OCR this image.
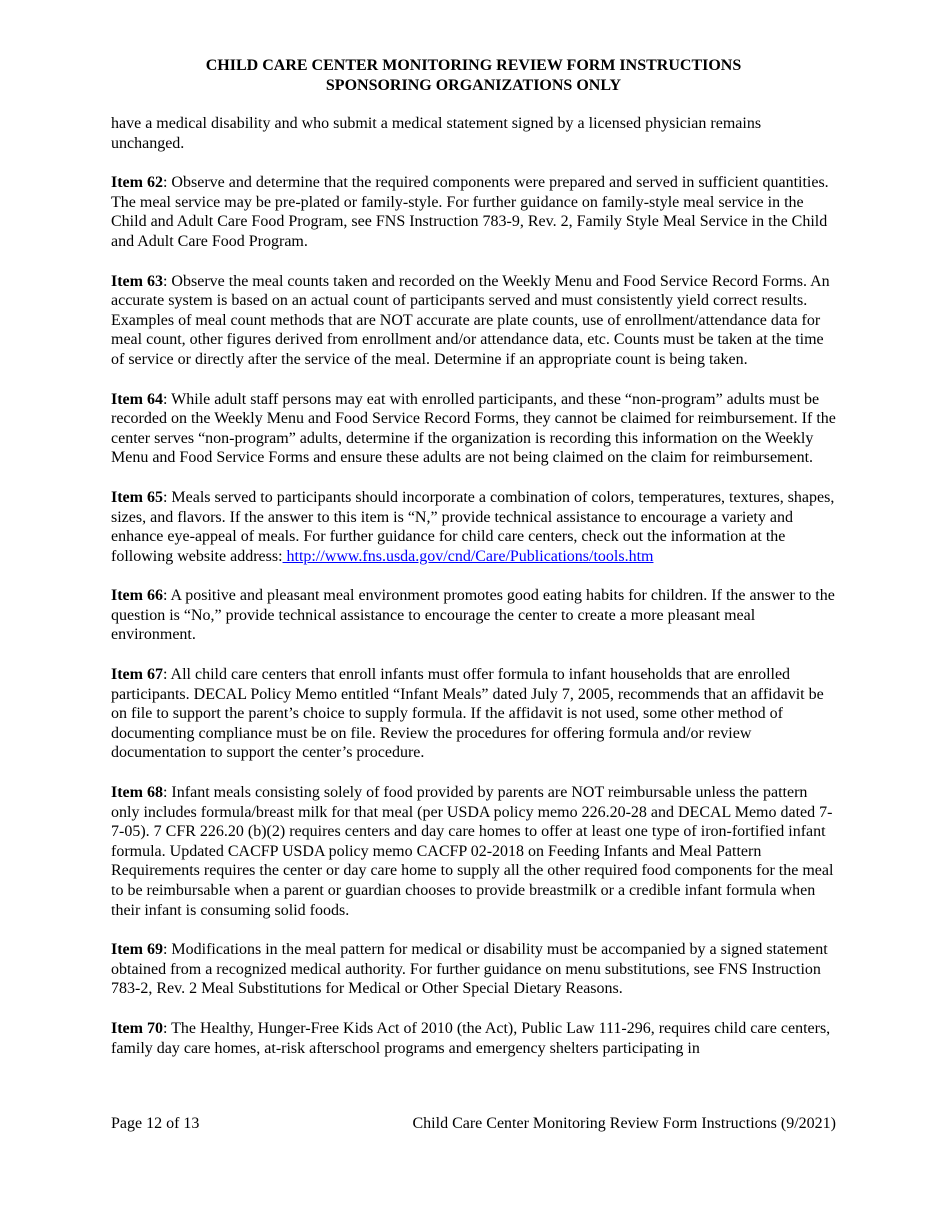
CHILD CARE CENTER MONITORING REVIEW FORM INSTRUCTIONS
SPONSORING ORGANIZATIONS ONLY

have a medical disability and who submit a medical statement signed by a licensed physician remains unchanged.

Item 62: Observe and determine that the required components were prepared and served in sufficient quantities. The meal service may be pre-plated or family-style. For further guidance on family-style meal service in the Child and Adult Care Food Program, see FNS Instruction 783-9, Rev. 2, Family Style Meal Service in the Child and Adult Care Food Program.

Item 63: Observe the meal counts taken and recorded on the Weekly Menu and Food Service Record Forms. An accurate system is based on an actual count of participants served and must consistently yield correct results. Examples of meal count methods that are NOT accurate are plate counts, use of enrollment/attendance data for meal count, other figures derived from enrollment and/or attendance data, etc. Counts must be taken at the time of service or directly after the service of the meal. Determine if an appropriate count is being taken.

Item 64: While adult staff persons may eat with enrolled participants, and these “non-program” adults must be recorded on the Weekly Menu and Food Service Record Forms, they cannot be claimed for reimbursement. If the center serves “non-program” adults, determine if the organization is recording this information on the Weekly Menu and Food Service Forms and ensure these adults are not being claimed on the claim for reimbursement.

Item 65: Meals served to participants should incorporate a combination of colors, temperatures, textures, shapes, sizes, and flavors. If the answer to this item is “N,” provide technical assistance to encourage a variety and enhance eye-appeal of meals. For further guidance for child care centers, check out the information at the following website address: http://www.fns.usda.gov/cnd/Care/Publications/tools.htm

Item 66: A positive and pleasant meal environment promotes good eating habits for children. If the answer to the question is “No,” provide technical assistance to encourage the center to create a more pleasant meal environment.

Item 67: All child care centers that enroll infants must offer formula to infant households that are enrolled participants. DECAL Policy Memo entitled “Infant Meals” dated July 7, 2005, recommends that an affidavit be on file to support the parent’s choice to supply formula. If the affidavit is not used, some other method of documenting compliance must be on file. Review the procedures for offering formula and/or review documentation to support the center’s procedure.

Item 68: Infant meals consisting solely of food provided by parents are NOT reimbursable unless the pattern only includes formula/breast milk for that meal (per USDA policy memo 226.20-28 and DECAL Memo dated 7-7-05). 7 CFR 226.20 (b)(2) requires centers and day care homes to offer at least one type of iron-fortified infant formula. Updated CACFP USDA policy memo CACFP 02-2018 on Feeding Infants and Meal Pattern Requirements requires the center or day care home to supply all the other required food components for the meal to be reimbursable when a parent or guardian chooses to provide breastmilk or a credible infant formula when their infant is consuming solid foods.

Item 69: Modifications in the meal pattern for medical or disability must be accompanied by a signed statement obtained from a recognized medical authority. For further guidance on menu substitutions, see FNS Instruction 783-2, Rev. 2 Meal Substitutions for Medical or Other Special Dietary Reasons.

Item 70: The Healthy, Hunger-Free Kids Act of 2010 (the Act), Public Law 111-296, requires child care centers, family day care homes, at-risk afterschool programs and emergency shelters participating in

Page 12 of 13	Child Care Center Monitoring Review Form Instructions (9/2021)
